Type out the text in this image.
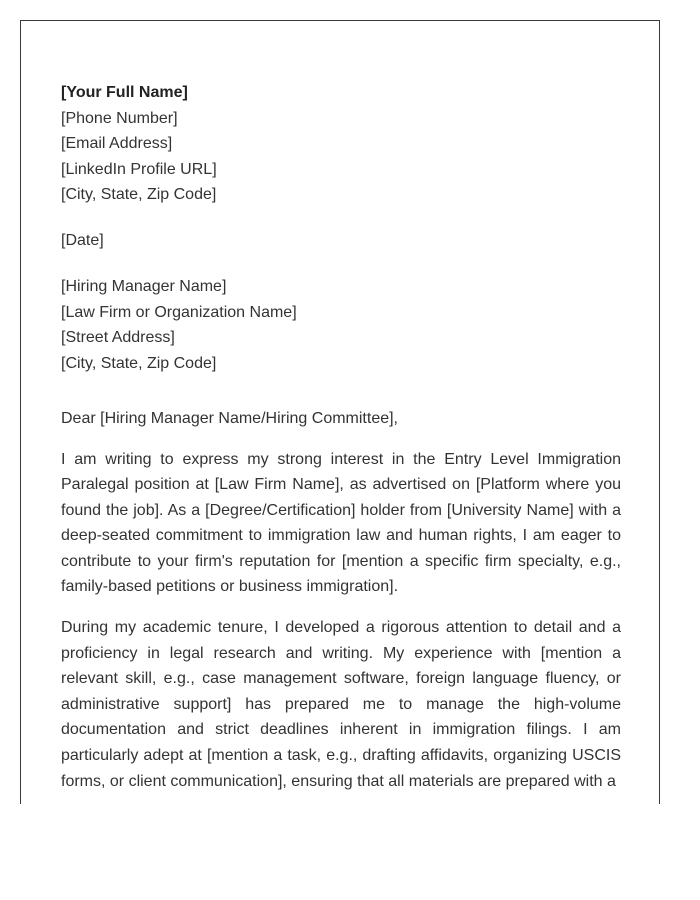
[Your Full Name]
[Phone Number]
[Email Address]
[LinkedIn Profile URL]
[City, State, Zip Code]
[Date]
[Hiring Manager Name]
[Law Firm or Organization Name]
[Street Address]
[City, State, Zip Code]
Dear [Hiring Manager Name/Hiring Committee],

I am writing to express my strong interest in the Entry Level Immigration Paralegal position at [Law Firm Name], as advertised on [Platform where you found the job]. As a [Degree/Certification] holder from [University Name] with a deep-seated commitment to immigration law and human rights, I am eager to contribute to your firm's reputation for [mention a specific firm specialty, e.g., family-based petitions or business immigration].

During my academic tenure, I developed a rigorous attention to detail and a proficiency in legal research and writing. My experience with [mention a relevant skill, e.g., case management software, foreign language fluency, or administrative support] has prepared me to manage the high-volume documentation and strict deadlines inherent in immigration filings. I am particularly adept at [mention a task, e.g., drafting affidavits, organizing USCIS forms, or client communication], ensuring that all materials are prepared with a
